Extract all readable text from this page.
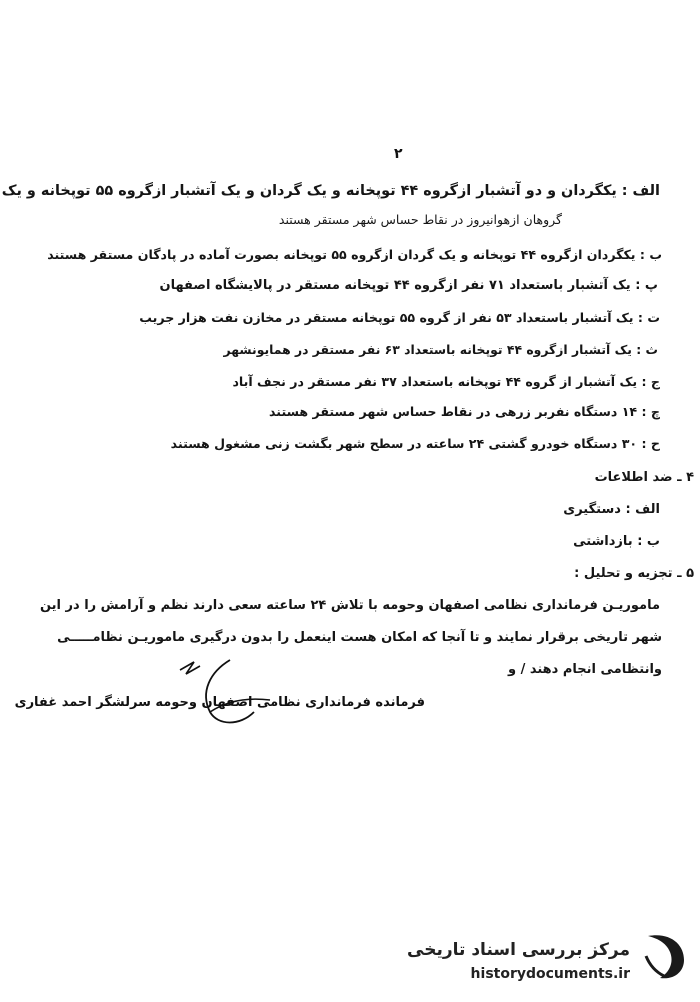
۲
الف : یکگردان و دو آتشبار ازگروه ۴۴ توپخانه و یک گردان و یک آتشبار ازگروه ۵۵ توپخانه و یک
گروهان ازهوانیروز در نقاط حساس شهر مستقر هستند
ب : یکگردان ازگروه ۴۴ توپخانه و یک گردان ازگروه ۵۵ توپخانه بصورت آماده در پادگان مستقر هستند
پ : یک آتشبار باستعداد ۷۱ نفر ازگروه ۴۴ توپخانه مستقر در پالایشگاه اصفهان
ت : یک آتشبار باستعداد ۵۳ نفر از گروه ۵۵ توپخانه مستقر در مخازن نفت هزار جریب
ث : یک آتشبار ازگروه ۴۴ توپخانه باستعداد ۶۳ نفر مستقر در همایونشهر
ج : یک آتشبار از گروه ۴۴ توپخانه باستعداد ۳۷ نفر مستقر در نجف آباد
چ : ۱۴ دستگاه نفربر زرهی در نقاط حساس شهر مستقر هستند
ح : ۳۰ دستگاه خودرو گشتی ۲۴ ساعته در سطح شهر بگشت زنی مشغول هستند
۴ ـ ضد اطلاعات
الف : دستگیری
ب : بازداشتی
۵ ـ تجزیه و تحلیل :
ماموریـن فرمانداری نظامی اصفهان وحومه با تلاش ۲۴ ساعته سعی دارند نظم و آرامش را در این
شهر تاریخی برقرار نمایند و تا آنجا که امکان هست اینعمل را بدون درگیری ماموریـن نظامـــــی
وانتظامی انجام دهند / و
فرمانده فرمانداری نظامی اصفهان وحومه سرلشگر احمد غفاری
مرکز بررسی اسناد تاریخی
historydocuments.ir
